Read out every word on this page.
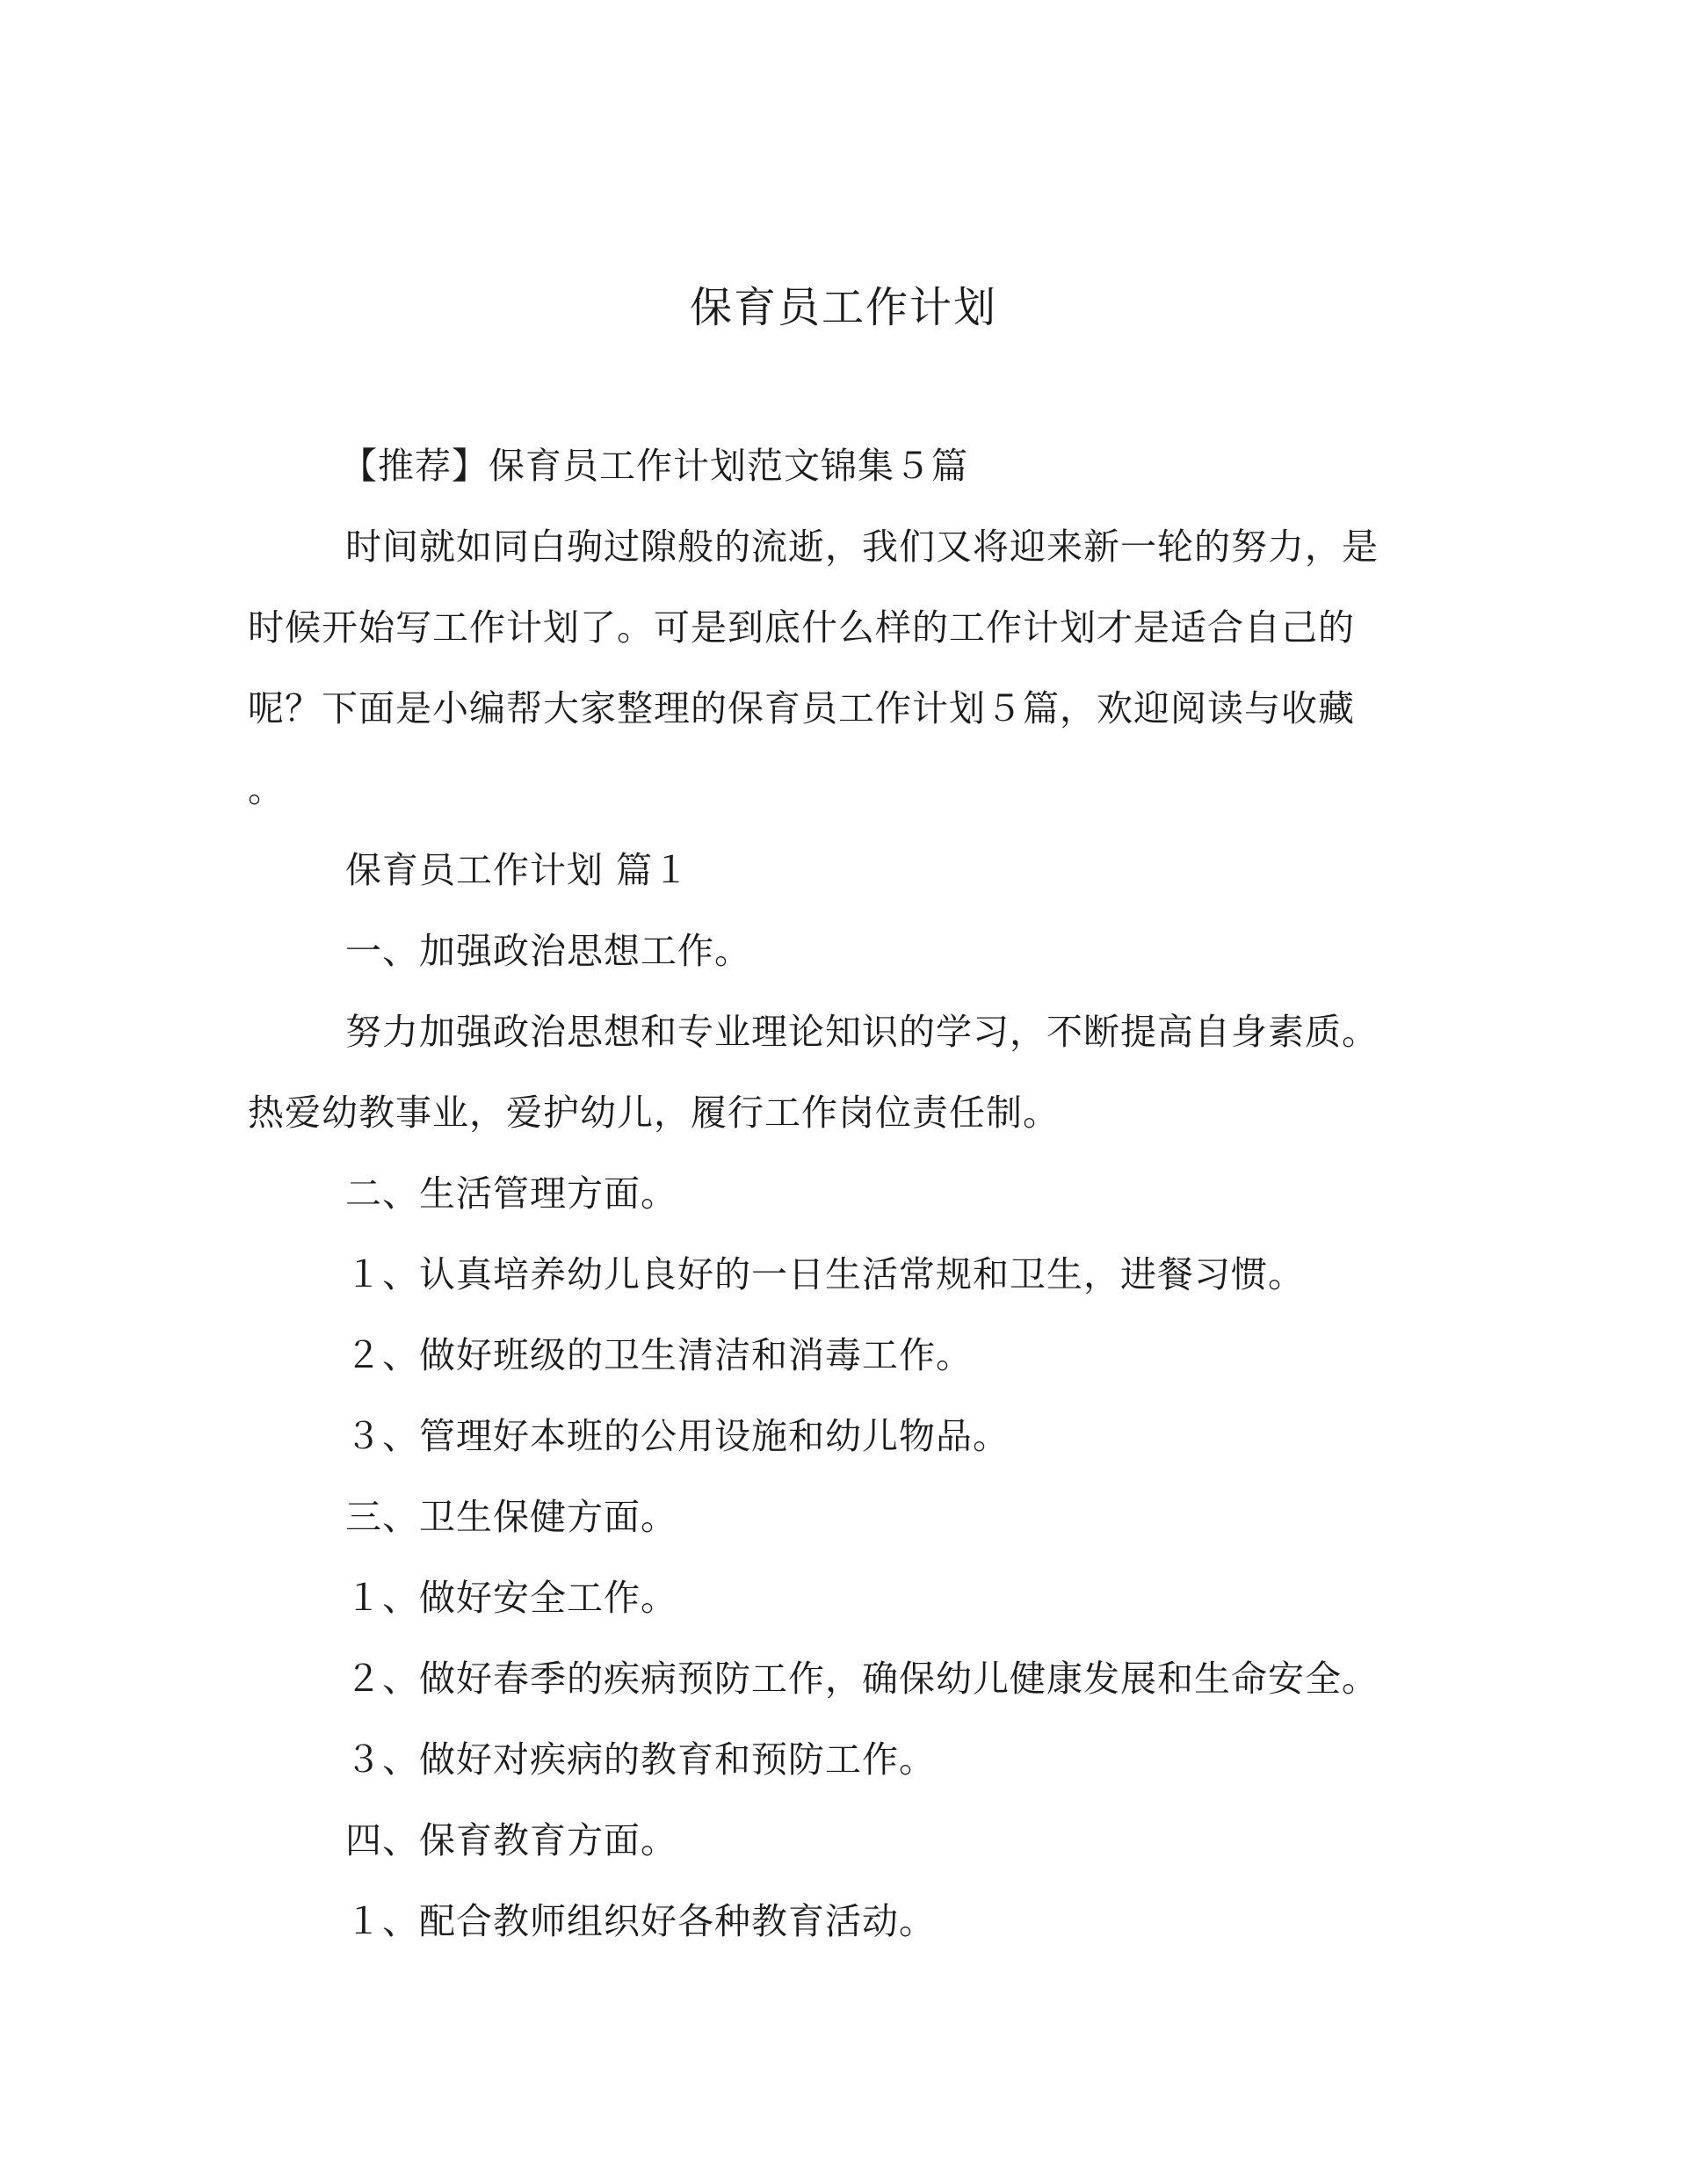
保育员工作计划
【推荐】保育员工作计划范文锦集５篇
时间就如同白驹过隙般的流逝，我们又将迎来新一轮的努力，是
时候开始写工作计划了。可是到底什么样的工作计划才是适合自己的
呢？下面是小编帮大家整理的保育员工作计划５篇，欢迎阅读与收藏
。
保育员工作计划 篇１
一、加强政治思想工作。
努力加强政治思想和专业理论知识的学习，不断提高自身素质。
热爱幼教事业，爱护幼儿，履行工作岗位责任制。
二、生活管理方面。
１、认真培养幼儿良好的一日生活常规和卫生，进餐习惯。
２、做好班级的卫生清洁和消毒工作。
３、管理好本班的公用设施和幼儿物品。
三、卫生保健方面。
１、做好安全工作。
２、做好春季的疾病预防工作，确保幼儿健康发展和生命安全。
３、做好对疾病的教育和预防工作。
四、保育教育方面。
１、配合教师组织好各种教育活动。
